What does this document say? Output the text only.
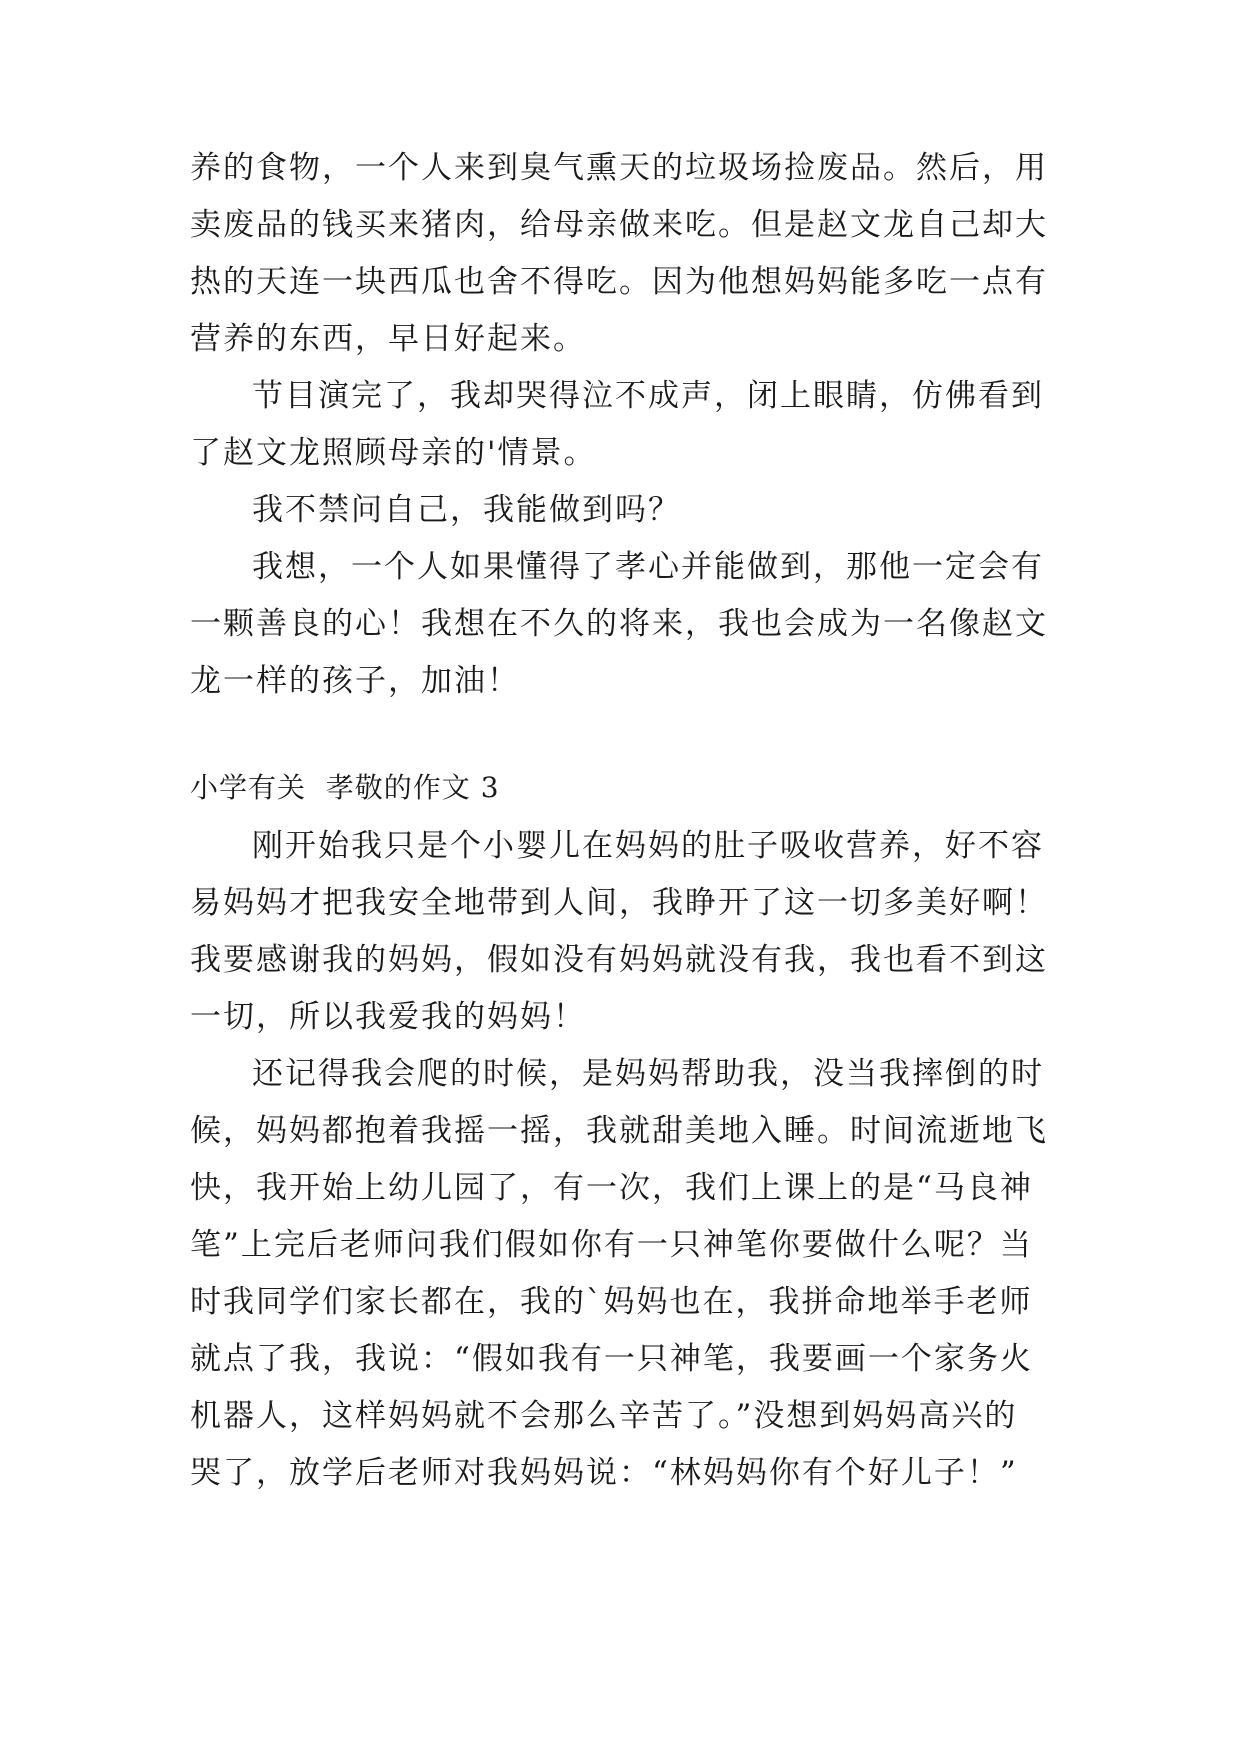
养的食物，一个人来到臭气熏天的垃圾场捡废品。然后，用
卖废品的钱买来猪肉，给母亲做来吃。但是赵文龙自己却大
热的天连一块西瓜也舍不得吃。因为他想妈妈能多吃一点有
营养的东西，早日好起来。
节目演完了，我却哭得泣不成声，闭上眼睛，仿佛看到
了赵文龙照顾母亲的'情景。
我不禁问自己，我能做到吗？
我想，一个人如果懂得了孝心并能做到，那他一定会有
一颗善良的心！我想在不久的将来，我也会成为一名像赵文
龙一样的孩子，加油！
小学有关  孝敬的作文 3
刚开始我只是个小婴儿在妈妈的肚子吸收营养，好不容
易妈妈才把我安全地带到人间，我睁开了这一切多美好啊！
我要感谢我的妈妈，假如没有妈妈就没有我，我也看不到这
一切，所以我爱我的妈妈！
还记得我会爬的时候，是妈妈帮助我，没当我摔倒的时
候，妈妈都抱着我摇一摇，我就甜美地入睡。时间流逝地飞
快，我开始上幼儿园了，有一次，我们上课上的是“马良神
笔”上完后老师问我们假如你有一只神笔你要做什么呢？当
时我同学们家长都在，我的`妈妈也在，我拼命地举手老师
就点了我，我说：“假如我有一只神笔，我要画一个家务火
机器人，这样妈妈就不会那么辛苦了。”没想到妈妈高兴的
哭了，放学后老师对我妈妈说：“林妈妈你有个好儿子！”
